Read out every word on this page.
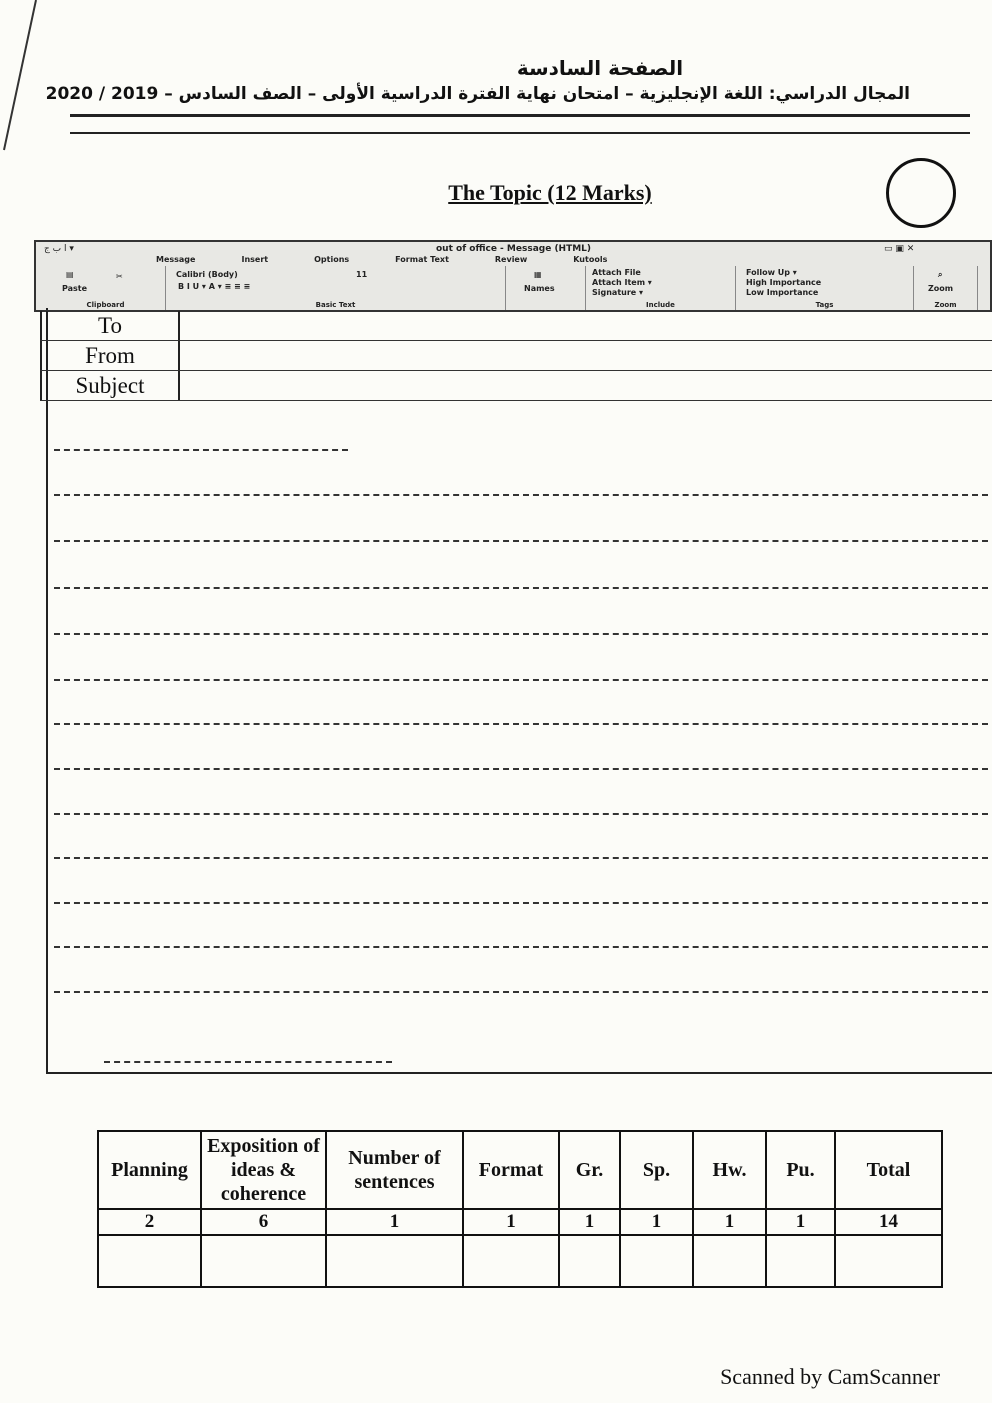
الصفحة السادسة
المجال الدراسي: اللغة الإنجليزية – امتحان نهاية الفترة الدراسية الأولى – الصف السادس – 2019 / 2020
The Topic (12 Marks)
ا ب ج ▾	out of office - Message (HTML)	▭ ▣ ✕
Message	Insert	Options	Format Text	Review	Kutools
▤
Paste
✂
Clipboard
Calibri (Body)	11
B I U ▾ A ▾ ≡ ≡ ≡
Basic Text
▦
Names
Attach File
Attach Item ▾
Signature ▾
Include
Follow Up ▾
High Importance
Low Importance
Tags
⌕
Zoom
Zoom
To
From
Subject
Planning	Exposition of ideas & coherence	Number of sentences	Format	Gr.	Sp.	Hw.	Pu.	Total
2	6	1	1	1	1	1	1	14

Scanned by CamScanner
